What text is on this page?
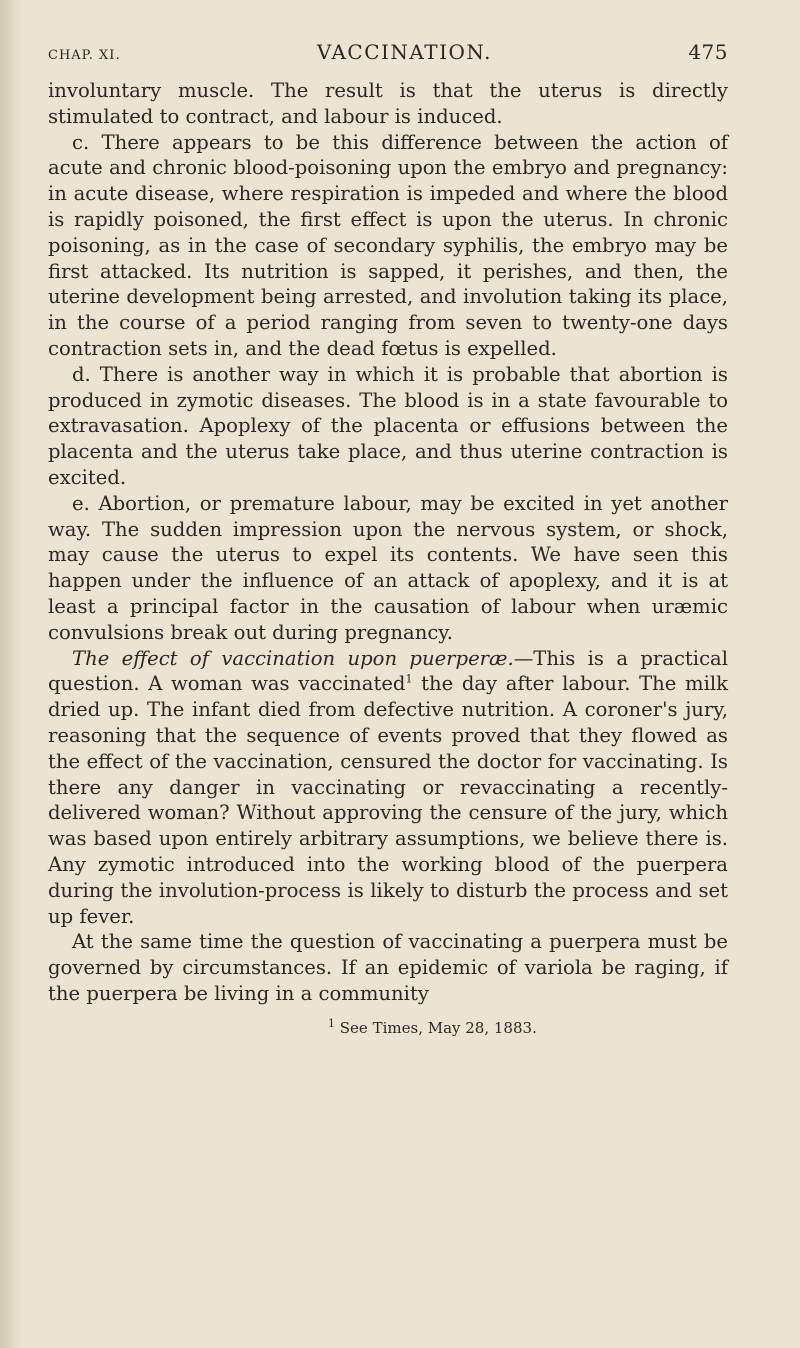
CHAP. XI.	VACCINATION.	475

involuntary muscle. The result is that the uterus is directly stimulated to contract, and labour is induced.

c. There appears to be this difference between the action of acute and chronic blood-poisoning upon the embryo and pregnancy: in acute disease, where respiration is impeded and where the blood is rapidly poisoned, the first effect is upon the uterus. In chronic poisoning, as in the case of secondary syphilis, the embryo may be first attacked. Its nutrition is sapped, it perishes, and then, the uterine development being arrested, and involution taking its place, in the course of a period ranging from seven to twenty-one days contraction sets in, and the dead fœtus is expelled.

d. There is another way in which it is probable that abortion is produced in zymotic diseases. The blood is in a state favourable to extravasation. Apoplexy of the placenta or effusions between the placenta and the uterus take place, and thus uterine contraction is excited.

e. Abortion, or premature labour, may be excited in yet another way. The sudden impression upon the nervous system, or shock, may cause the uterus to expel its contents. We have seen this happen under the influence of an attack of apoplexy, and it is at least a principal factor in the causation of labour when uræmic convulsions break out during pregnancy.

The effect of vaccination upon puerperæ.—This is a practical question. A woman was vaccinated$^1$ the day after labour. The milk dried up. The infant died from defective nutrition. A coroner's jury, reasoning that the sequence of events proved that they flowed as the effect of the vaccination, censured the doctor for vaccinating. Is there any danger in vaccinating or revaccinating a recently-delivered woman? Without approving the censure of the jury, which was based upon entirely arbitrary assumptions, we believe there is. Any zymotic introduced into the working blood of the puerpera during the involution-process is likely to disturb the process and set up fever.

At the same time the question of vaccinating a puerpera must be governed by circumstances. If an epidemic of variola be raging, if the puerpera be living in a community

$^1$ See Times, May 28, 1883.
